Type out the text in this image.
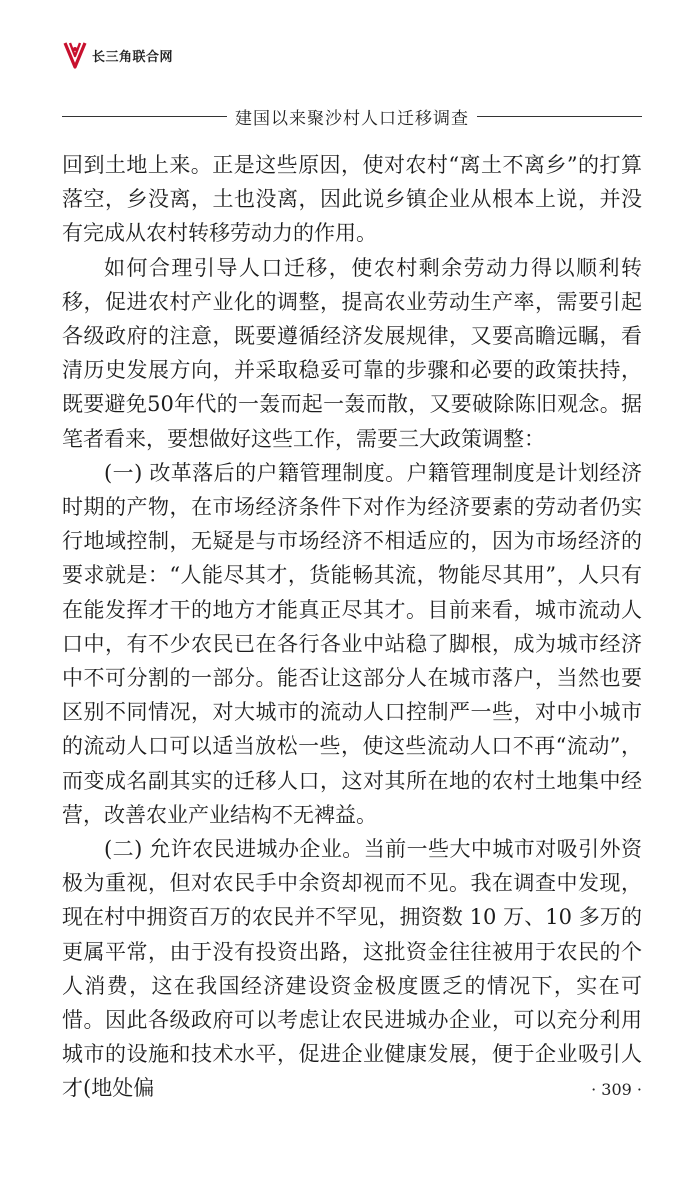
长三角联合网
建国以来聚沙村人口迁移调查

回到土地上来。正是这些原因，使对农村“离土不离乡”的打算落空，乡没离，土也没离，因此说乡镇企业从根本上说，并没有完成从农村转移劳动力的作用。

如何合理引导人口迁移，使农村剩余劳动力得以顺利转移，促进农村产业化的调整，提高农业劳动生产率，需要引起各级政府的注意，既要遵循经济发展规律，又要高瞻远瞩，看清历史发展方向，并采取稳妥可靠的步骤和必要的政策扶持，既要避免50年代的一轰而起一轰而散，又要破除陈旧观念。据笔者看来，要想做好这些工作，需要三大政策调整：

(一) 改革落后的户籍管理制度。户籍管理制度是计划经济时期的产物，在市场经济条件下对作为经济要素的劳动者仍实行地域控制，无疑是与市场经济不相适应的，因为市场经济的要求就是：“人能尽其才，货能畅其流，物能尽其用”，人只有在能发挥才干的地方才能真正尽其才。目前来看，城市流动人口中，有不少农民已在各行各业中站稳了脚根，成为城市经济中不可分割的一部分。能否让这部分人在城市落户，当然也要区别不同情况，对大城市的流动人口控制严一些，对中小城市的流动人口可以适当放松一些，使这些流动人口不再“流动”，而变成名副其实的迁移人口，这对其所在地的农村土地集中经营，改善农业产业结构不无裨益。

(二) 允许农民进城办企业。当前一些大中城市对吸引外资极为重视，但对农民手中余资却视而不见。我在调查中发现，现在村中拥资百万的农民并不罕见，拥资数 10 万、10 多万的更属平常，由于没有投资出路，这批资金往往被用于农民的个人消费，这在我国经济建设资金极度匮乏的情况下，实在可惜。因此各级政府可以考虑让农民进城办企业，可以充分利用城市的设施和技术水平，促进企业健康发展，便于企业吸引人才(地处偏	· 309 ·
